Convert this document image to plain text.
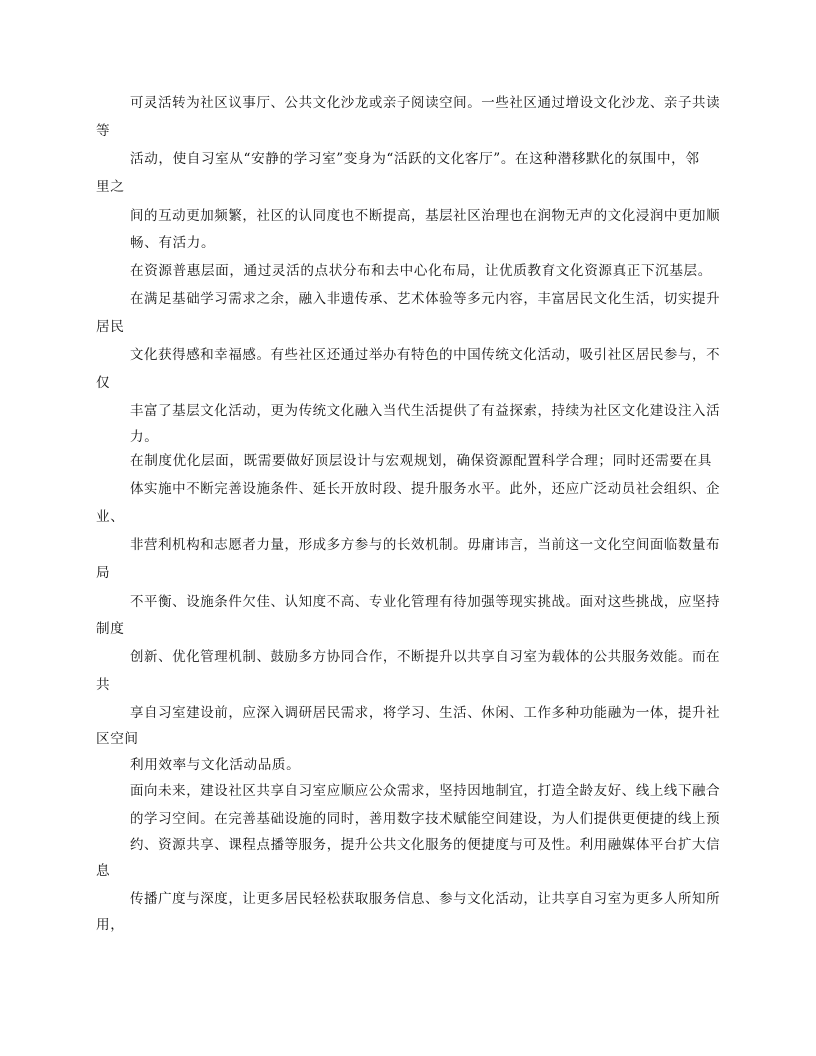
可灵活转为社区议事厅、公共文化沙龙或亲子阅读空间。一些社区通过增设文化沙龙、亲子共读
等
活动，使自习室从“安静的学习室”变身为“活跃的文化客厅”。在这种潜移默化的氛围中，邻
里之
间的互动更加频繁，社区的认同度也不断提高，基层社区治理也在润物无声的文化浸润中更加顺
畅、有活力。
在资源普惠层面，通过灵活的点状分布和去中心化布局，让优质教育文化资源真正下沉基层。
在满足基础学习需求之余，融入非遗传承、艺术体验等多元内容，丰富居民文化生活，切实提升
居民
文化获得感和幸福感。有些社区还通过举办有特色的中国传统文化活动，吸引社区居民参与，不
仅
丰富了基层文化活动，更为传统文化融入当代生活提供了有益探索，持续为社区文化建设注入活
力。
在制度优化层面，既需要做好顶层设计与宏观规划，确保资源配置科学合理；同时还需要在具
体实施中不断完善设施条件、延长开放时段、提升服务水平。此外，还应广泛动员社会组织、企
业、
非营利机构和志愿者力量，形成多方参与的长效机制。毋庸讳言，当前这一文化空间面临数量布
局
不平衡、设施条件欠佳、认知度不高、专业化管理有待加强等现实挑战。面对这些挑战，应坚持
制度
创新、优化管理机制、鼓励多方协同合作，不断提升以共享自习室为载体的公共服务效能。而在
共
享自习室建设前，应深入调研居民需求，将学习、生活、休闲、工作多种功能融为一体，提升社
区空间
利用效率与文化活动品质。
面向未来，建设社区共享自习室应顺应公众需求，坚持因地制宜，打造全龄友好、线上线下融合
的学习空间。在完善基础设施的同时，善用数字技术赋能空间建设，为人们提供更便捷的线上预
约、资源共享、课程点播等服务，提升公共文化服务的便捷度与可及性。利用融媒体平台扩大信
息
传播广度与深度，让更多居民轻松获取服务信息、参与文化活动，让共享自习室为更多人所知所
用，
